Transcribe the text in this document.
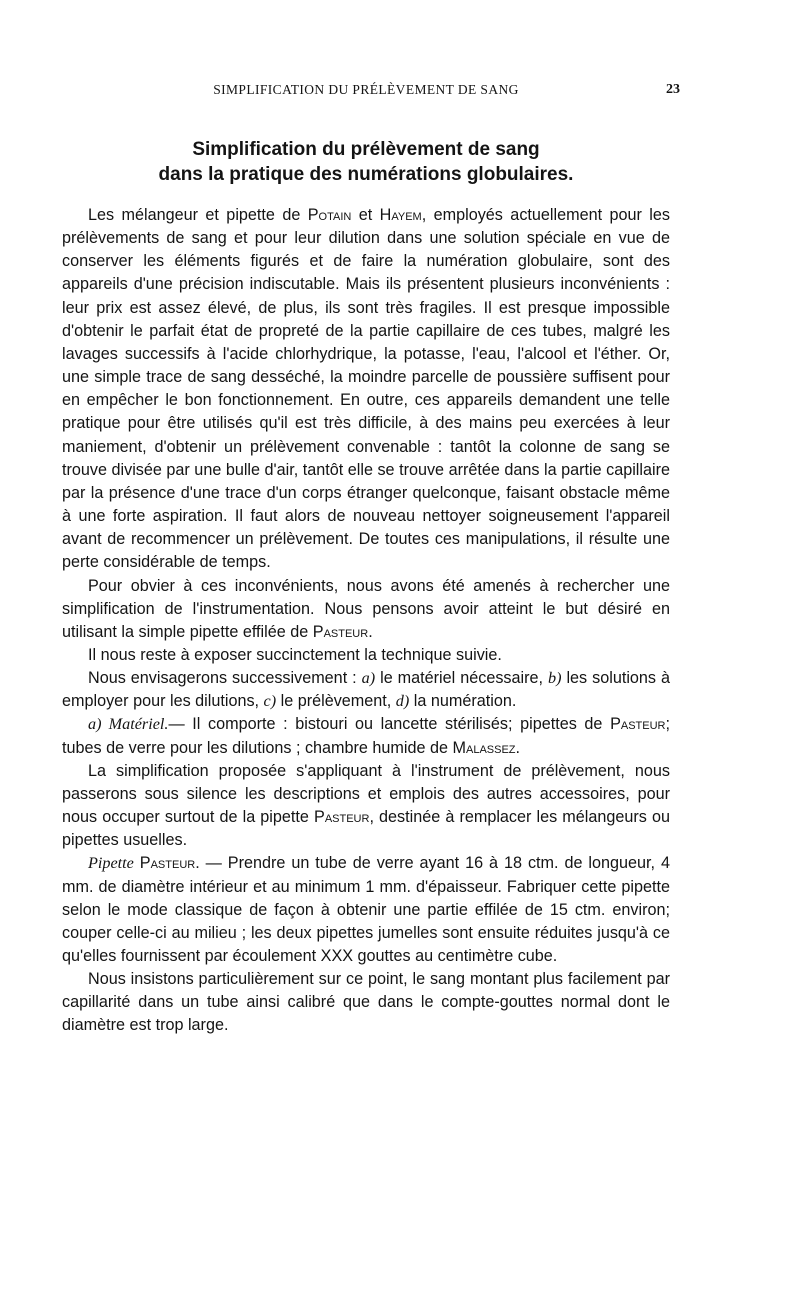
SIMPLIFICATION DU PRÉLÈVEMENT DE SANG	23
Simplification du prélèvement de sang
dans la pratique des numérations globulaires.

Les mélangeur et pipette de Potain et Hayem, employés actuellement pour les prélèvements de sang et pour leur dilution dans une solution spéciale en vue de conserver les éléments figurés et de faire la numération globulaire, sont des appareils d'une précision indiscutable. Mais ils présentent plusieurs inconvénients : leur prix est assez élevé, de plus, ils sont très fragiles. Il est presque impossible d'obtenir le parfait état de propreté de la partie capillaire de ces tubes, malgré les lavages successifs à l'acide chlorhydrique, la potasse, l'eau, l'alcool et l'éther. Or, une simple trace de sang desséché, la moindre parcelle de poussière suffisent pour en empêcher le bon fonctionnement. En outre, ces appareils demandent une telle pratique pour être utilisés qu'il est très difficile, à des mains peu exercées à leur maniement, d'obtenir un prélèvement convenable : tantôt la colonne de sang se trouve divisée par une bulle d'air, tantôt elle se trouve arrêtée dans la partie capillaire par la présence d'une trace d'un corps étranger quelconque, faisant obstacle même à une forte aspiration. Il faut alors de nouveau nettoyer soigneusement l'appareil avant de recommencer un prélèvement. De toutes ces manipulations, il résulte une perte considérable de temps.

Pour obvier à ces inconvénients, nous avons été amenés à rechercher une simplification de l'instrumentation. Nous pensons avoir atteint le but désiré en utilisant la simple pipette effilée de Pasteur.

Il nous reste à exposer succinctement la technique suivie.

Nous envisagerons successivement : a) le matériel nécessaire, b) les solutions à employer pour les dilutions, c) le prélèvement, d) la numération.

a) Matériel.— Il comporte : bistouri ou lancette stérilisés; pipettes de Pasteur; tubes de verre pour les dilutions ; chambre humide de Malassez.

La simplification proposée s'appliquant à l'instrument de prélèvement, nous passerons sous silence les descriptions et emplois des autres accessoires, pour nous occuper surtout de la pipette Pasteur, destinée à remplacer les mélangeurs ou pipettes usuelles.

Pipette Pasteur. — Prendre un tube de verre ayant 16 à 18 ctm. de longueur, 4 mm. de diamètre intérieur et au minimum 1 mm. d'épaisseur. Fabriquer cette pipette selon le mode classique de façon à obtenir une partie effilée de 15 ctm. environ; couper celle-ci au milieu ; les deux pipettes jumelles sont ensuite réduites jusqu'à ce qu'elles fournissent par écoulement XXX gouttes au centimètre cube.

Nous insistons particulièrement sur ce point, le sang montant plus facilement par capillarité dans un tube ainsi calibré que dans le compte-gouttes normal dont le diamètre est trop large.
